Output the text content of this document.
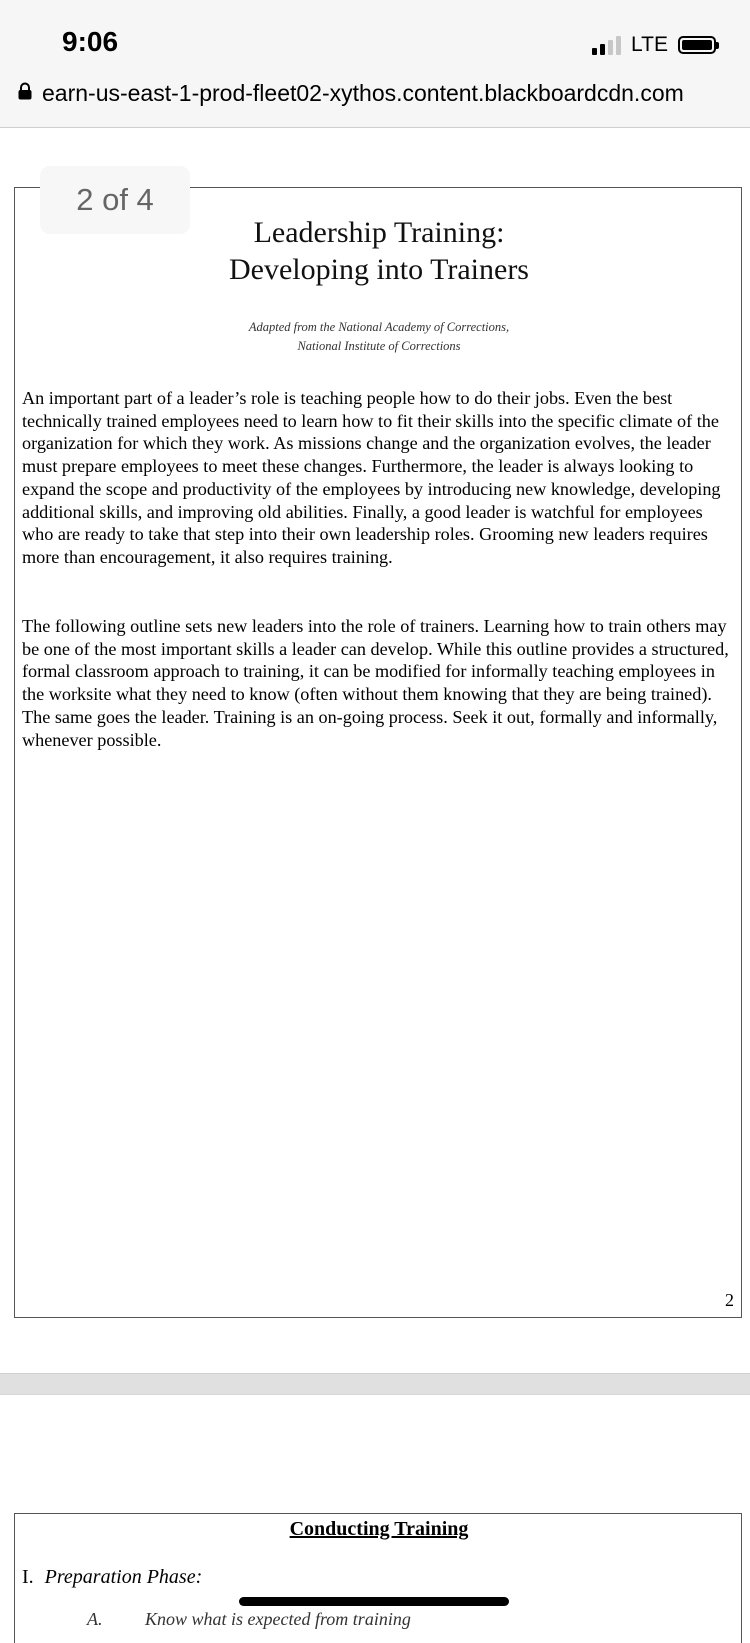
9:06	LTE
earn-us-east-1-prod-fleet02-xythos.content.blackboardcdn.com
2 of 4
Leadership Training:
Developing into Trainers
Adapted from the National Academy of Corrections,
National Institute of Corrections
An important part of a leader’s role is teaching people how to do their jobs. Even the best technically trained employees need to learn how to fit their skills into the specific climate of the organization for which they work. As missions change and the organization evolves, the leader must prepare employees to meet these changes. Furthermore, the leader is always looking to expand the scope and productivity of the employees by introducing new knowledge, developing additional skills, and improving old abilities. Finally, a good leader is watchful for employees who are ready to take that step into their own leadership roles. Grooming new leaders requires more than encouragement, it also requires training.
The following outline sets new leaders into the role of trainers. Learning how to train others may be one of the most important skills a leader can develop. While this outline provides a structured, formal classroom approach to training, it can be modified for informally teaching employees in the worksite what they need to know (often without them knowing that they are being trained). The same goes the leader. Training is an on-going process. Seek it out, formally and informally, whenever possible.
2
Conducting Training
I. Preparation Phase:
A. Know what is expected from training
